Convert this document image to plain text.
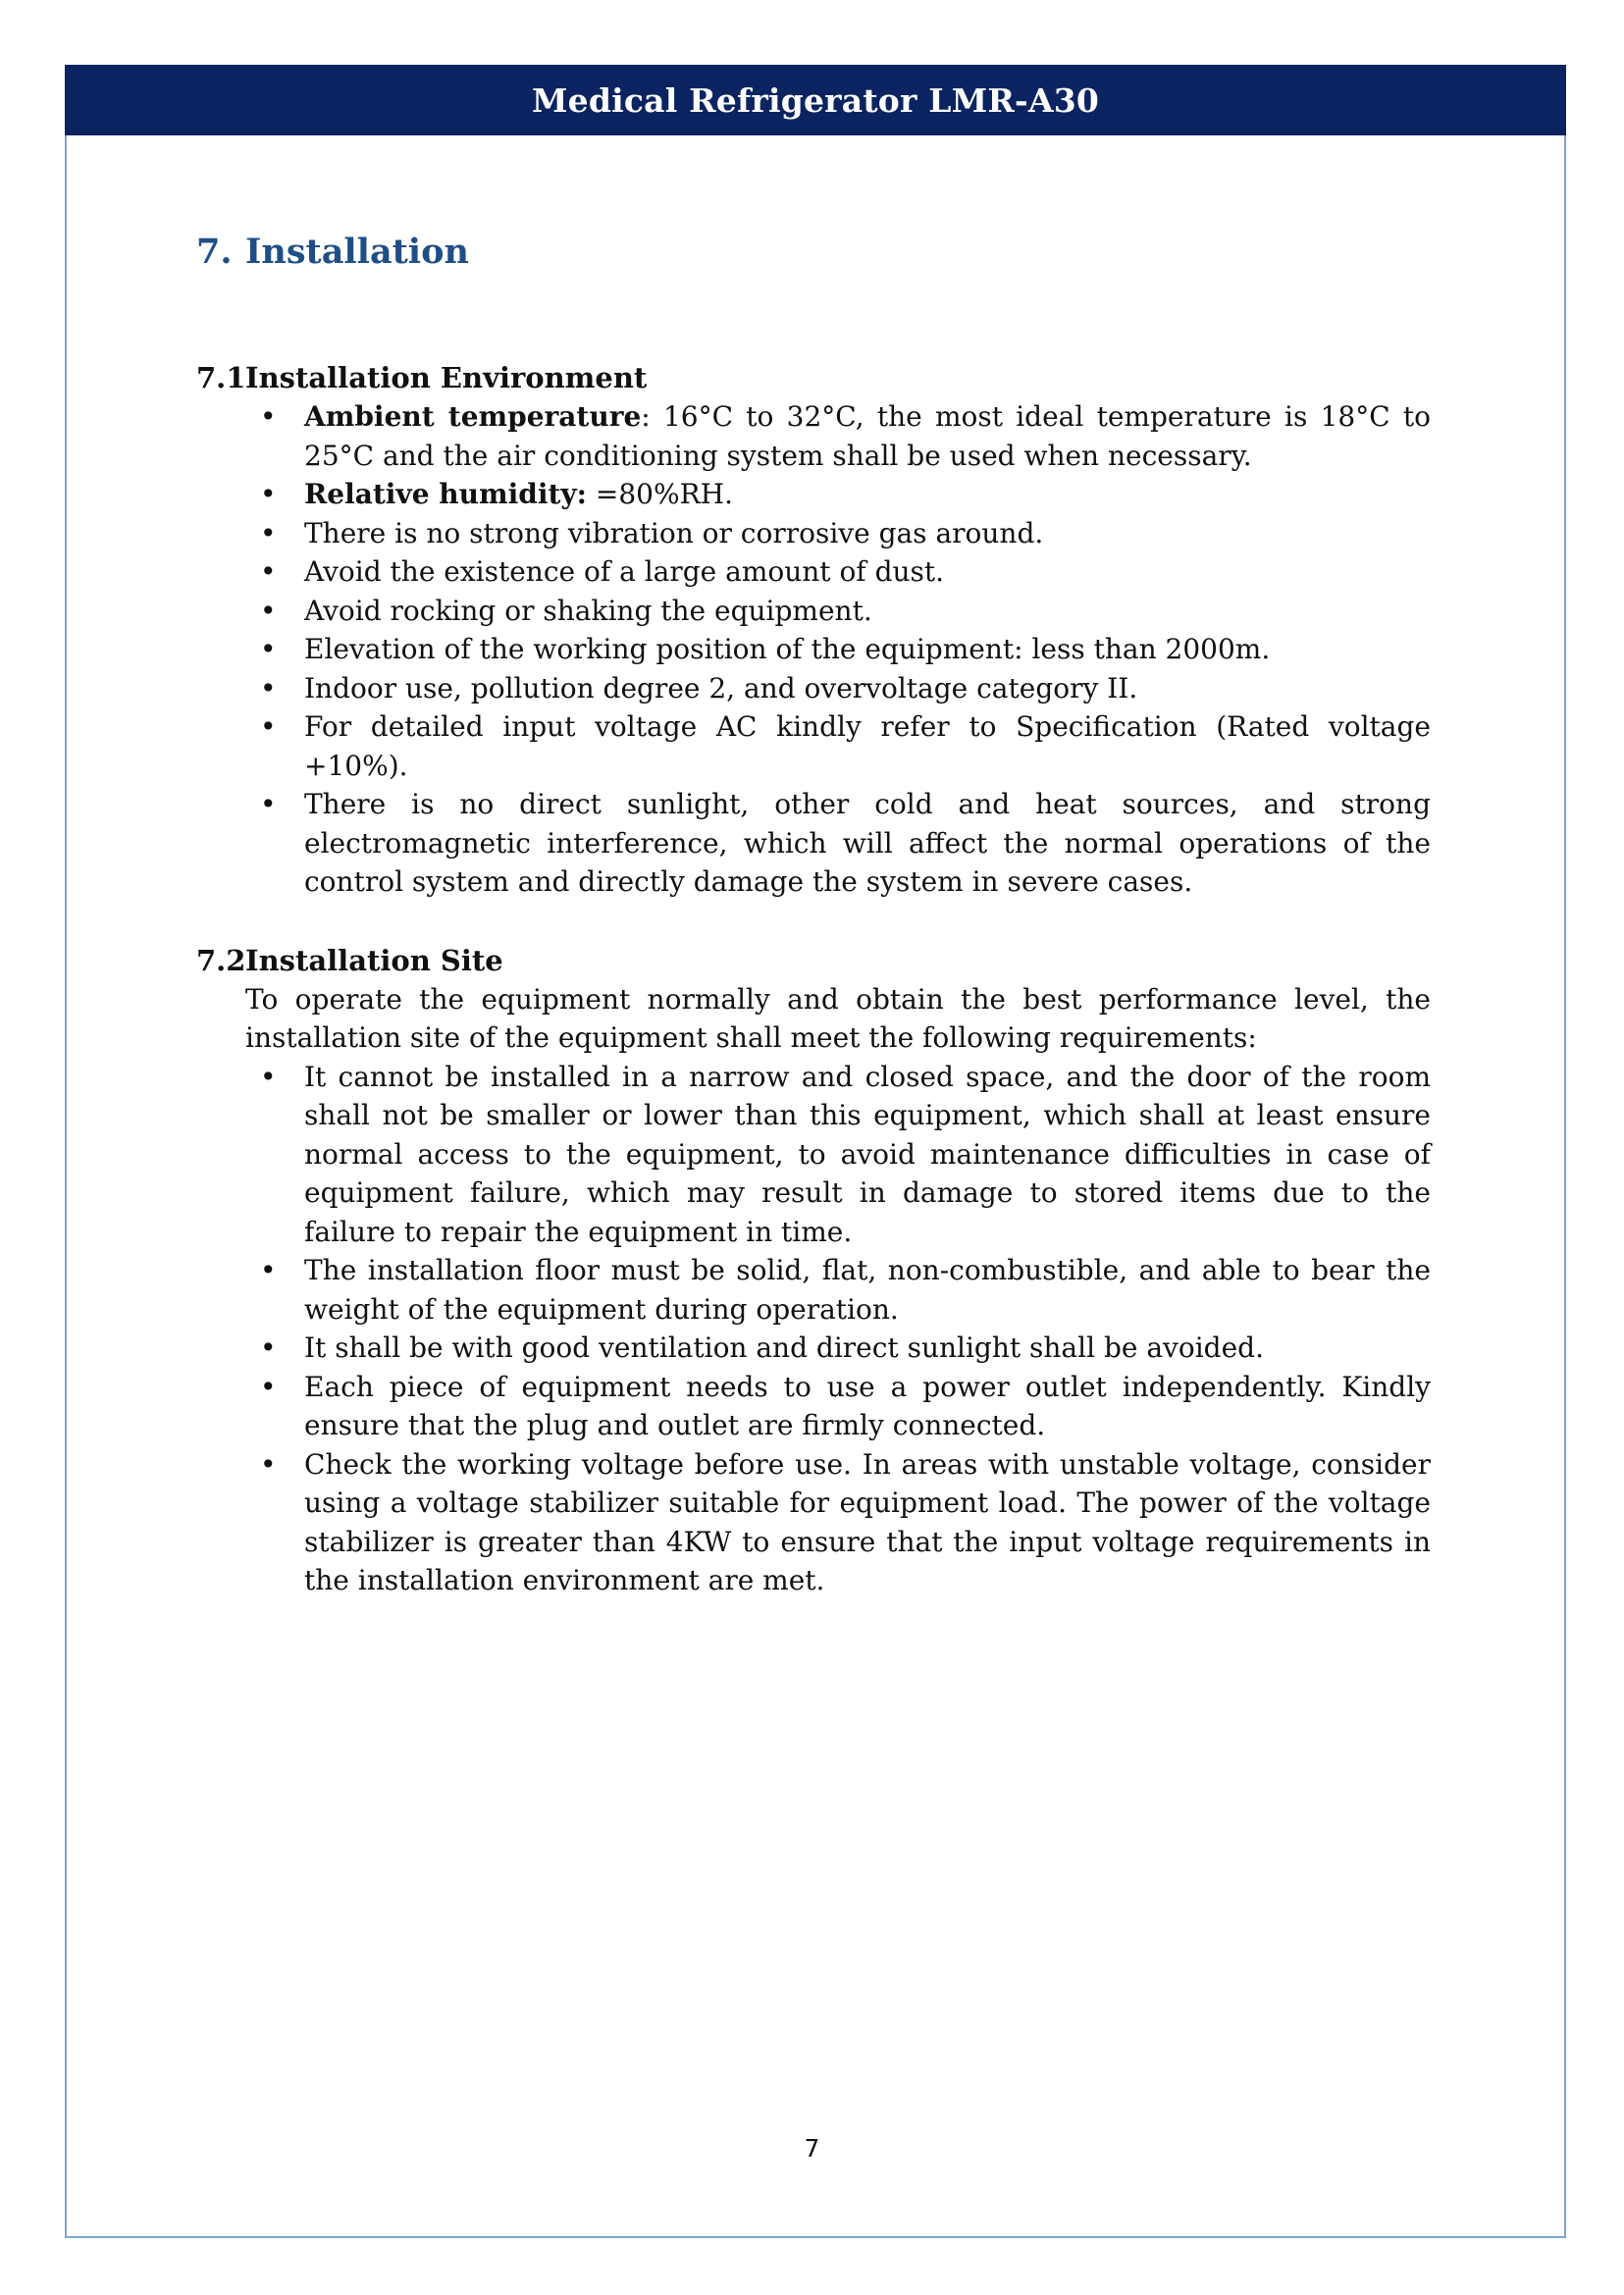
Medical Refrigerator LMR-A30
7. Installation
7.1 Installation Environment
• Ambient temperature: 16°C to 32°C, the most ideal temperature is 18°C to 25°C and the air conditioning system shall be used when necessary.
• Relative humidity: =80%RH.
• There is no strong vibration or corrosive gas around.
• Avoid the existence of a large amount of dust.
• Avoid rocking or shaking the equipment.
• Elevation of the working position of the equipment: less than 2000m.
• Indoor use, pollution degree 2, and overvoltage category II.
• For detailed input voltage AC kindly refer to Specification (Rated voltage +10%).
• There is no direct sunlight, other cold and heat sources, and strong electromagnetic interference, which will affect the normal operations of the control system and directly damage the system in severe cases.
7.2 Installation Site

To operate the equipment normally and obtain the best performance level, the installation site of the equipment shall meet the following requirements:

• It cannot be installed in a narrow and closed space, and the door of the room shall not be smaller or lower than this equipment, which shall at least ensure normal access to the equipment, to avoid maintenance difficulties in case of equipment failure, which may result in damage to stored items due to the failure to repair the equipment in time.
• The installation floor must be solid, flat, non-combustible, and able to bear the weight of the equipment during operation.
• It shall be with good ventilation and direct sunlight shall be avoided.
• Each piece of equipment needs to use a power outlet independently. Kindly ensure that the plug and outlet are firmly connected.
• Check the working voltage before use. In areas with unstable voltage, consider using a voltage stabilizer suitable for equipment load. The power of the voltage stabilizer is greater than 4KW to ensure that the input voltage requirements in the installation environment are met.
7
